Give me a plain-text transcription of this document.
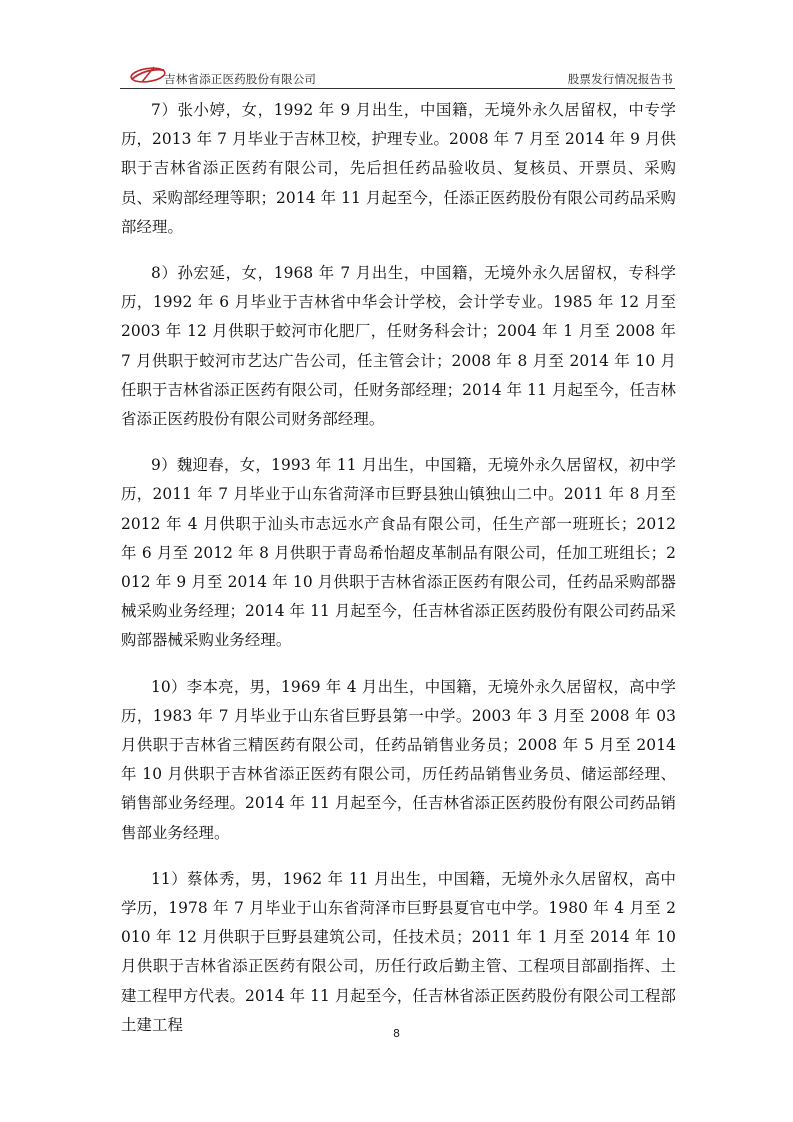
吉林省添正医药股份有限公司	股票发行情况报告书

7）张小婷，女，1992 年 9 月出生，中国籍，无境外永久居留权，中专学历，2013 年 7 月毕业于吉林卫校，护理专业。2008 年 7 月至 2014 年 9 月供职于吉林省添正医药有限公司，先后担任药品验收员、复核员、开票员、采购员、采购部经理等职；2014 年 11 月起至今，任添正医药股份有限公司药品采购部经理。

8）孙宏延，女，1968 年 7 月出生，中国籍，无境外永久居留权，专科学历，1992 年 6 月毕业于吉林省中华会计学校，会计学专业。1985 年 12 月至 2003 年 12 月供职于蛟河市化肥厂，任财务科会计；2004 年 1 月至 2008 年 7 月供职于蛟河市艺达广告公司，任主管会计；2008 年 8 月至 2014 年 10 月任职于吉林省添正医药有限公司，任财务部经理；2014 年 11 月起至今，任吉林省添正医药股份有限公司财务部经理。

9）魏迎春，女，1993 年 11 月出生，中国籍，无境外永久居留权，初中学历，2011 年 7 月毕业于山东省菏泽市巨野县独山镇独山二中。2011 年 8 月至 2012 年 4 月供职于汕头市志远水产食品有限公司，任生产部一班班长；2012 年 6 月至 2012 年 8 月供职于青岛希怡超皮革制品有限公司，任加工班组长；2012 年 9 月至 2014 年 10 月供职于吉林省添正医药有限公司，任药品采购部器械采购业务经理；2014 年 11 月起至今，任吉林省添正医药股份有限公司药品采购部器械采购业务经理。

10）李本亮，男，1969 年 4 月出生，中国籍，无境外永久居留权，高中学历，1983 年 7 月毕业于山东省巨野县第一中学。2003 年 3 月至 2008 年 03 月供职于吉林省三精医药有限公司，任药品销售业务员；2008 年 5 月至 2014 年 10 月供职于吉林省添正医药有限公司，历任药品销售业务员、储运部经理、销售部业务经理。2014 年 11 月起至今，任吉林省添正医药股份有限公司药品销售部业务经理。

11）蔡体秀，男，1962 年 11 月出生，中国籍，无境外永久居留权，高中学历，1978 年 7 月毕业于山东省菏泽市巨野县夏官屯中学。1980 年 4 月至 2010 年 12 月供职于巨野县建筑公司，任技术员；2011 年 1 月至 2014 年 10 月供职于吉林省添正医药有限公司，历任行政后勤主管、工程项目部副指挥、土建工程甲方代表。2014 年 11 月起至今，任吉林省添正医药股份有限公司工程部土建工程	8
